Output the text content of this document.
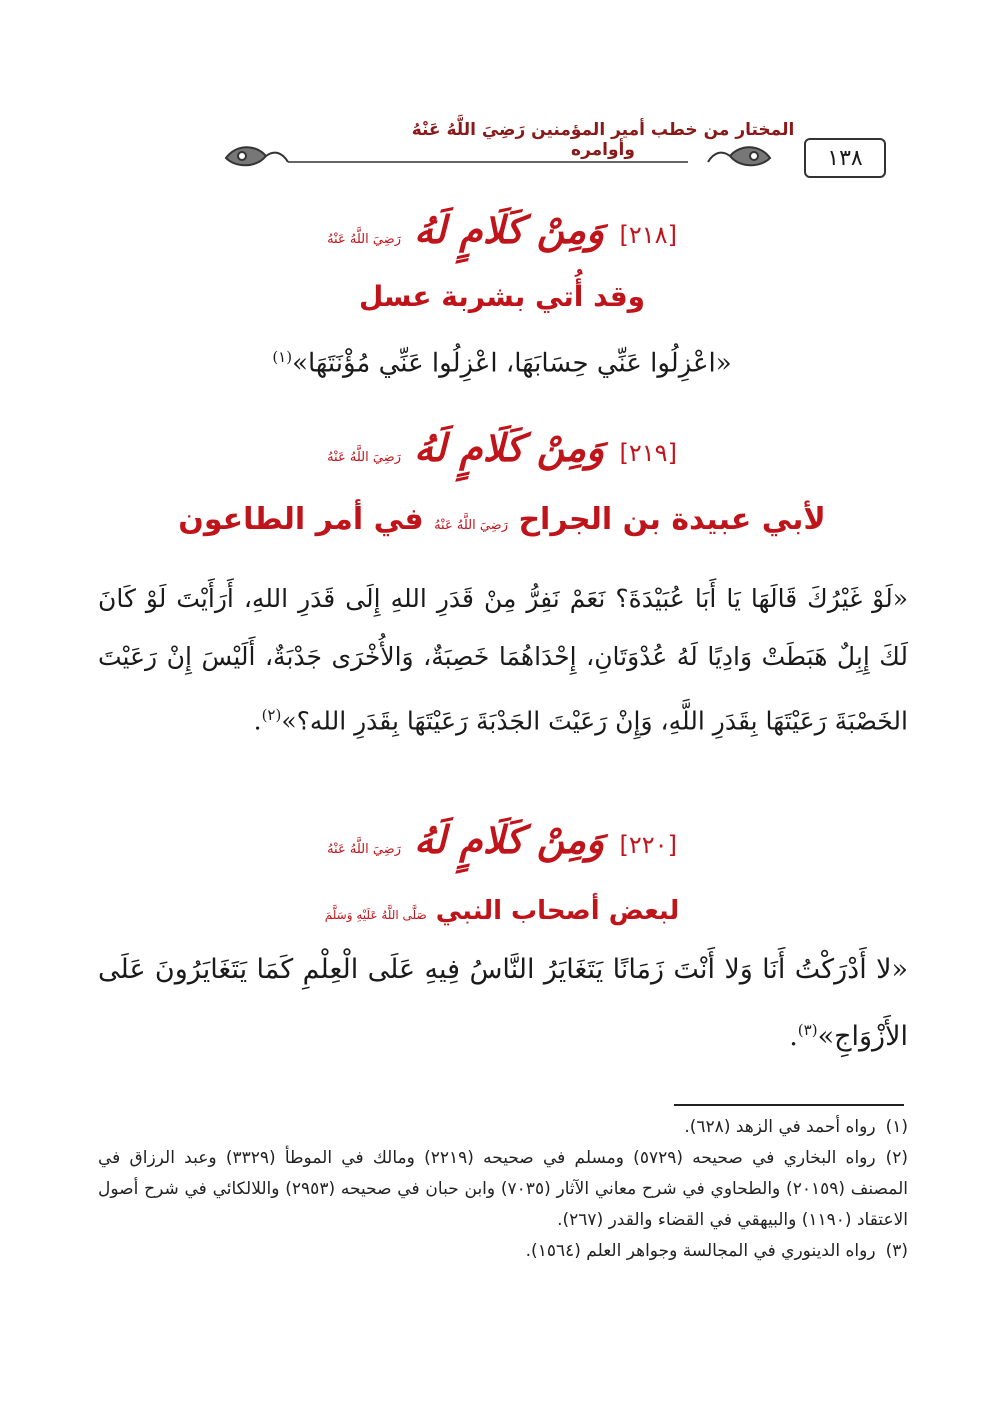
١٣٨
المختار من خطب أمير المؤمنين رَضِيَ اللَّهُ عَنْهُ وأوامره
[٢١٨] وَمِنْ كَلَامٍ لَهُ رَضِيَ اللَّهُ عَنْهُ
وقد أُتي بشربة عسل
«اعْزِلُوا عَنِّي حِسَابَهَا، اعْزِلُوا عَنِّي مُؤْنَتَهَا»$^{(١)}$
[٢١٩] وَمِنْ كَلَامٍ لَهُ رَضِيَ اللَّهُ عَنْهُ
لأبي عبيدة بن الجراح رَضِيَ اللَّهُ عَنْهُ في أمر الطاعون
«لَوْ غَيْرُكَ قَالَهَا يَا أَبَا عُبَيْدَةَ؟ نَعَمْ نَفِرُّ مِنْ قَدَرِ اللهِ إِلَى قَدَرِ اللهِ، أَرَأَيْتَ لَوْ كَانَ لَكَ إِبِلٌ هَبَطَتْ وَادِيًا لَهُ عُدْوَتَانِ، إِحْدَاهُمَا خَصِبَةٌ، وَالأُخْرَى جَدْبَةٌ، أَلَيْسَ إِنْ رَعَيْتَ الخَصْبَةَ رَعَيْتَهَا بِقَدَرِ اللَّهِ، وَإِنْ رَعَيْتَ الجَدْبَةَ رَعَيْتَهَا بِقَدَرِ الله؟»$^{(٢)}$.
[٢٢٠] وَمِنْ كَلَامٍ لَهُ رَضِيَ اللَّهُ عَنْهُ
لبعض أصحاب النبي صَلَّى اللَّهُ عَلَيْهِ وَسَلَّمَ
«لا أَدْرَكْتُ أَنَا وَلا أَنْتَ زَمَانًا يَتَغَايَرُ النَّاسُ فِيهِ عَلَى الْعِلْمِ كَمَا يَتَغَايَرُونَ عَلَى الأَزْوَاجِ»$^{(٣)}$.

(١)رواه أحمد في الزهد (٦٢٨).

(٢)رواه البخاري في صحيحه (٥٧٢٩) ومسلم في صحيحه (٢٢١٩) ومالك في الموطأ (٣٣٢٩) وعبد الرزاق في المصنف (٢٠١٥٩) والطحاوي في شرح معاني الآثار (٧٠٣٥) وابن حبان في صحيحه (٢٩٥٣) واللالكائي في شرح أصول الاعتقاد (١١٩٠) والبيهقي في القضاء والقدر (٢٦٧).

(٣)رواه الدينوري في المجالسة وجواهر العلم (١٥٦٤).
